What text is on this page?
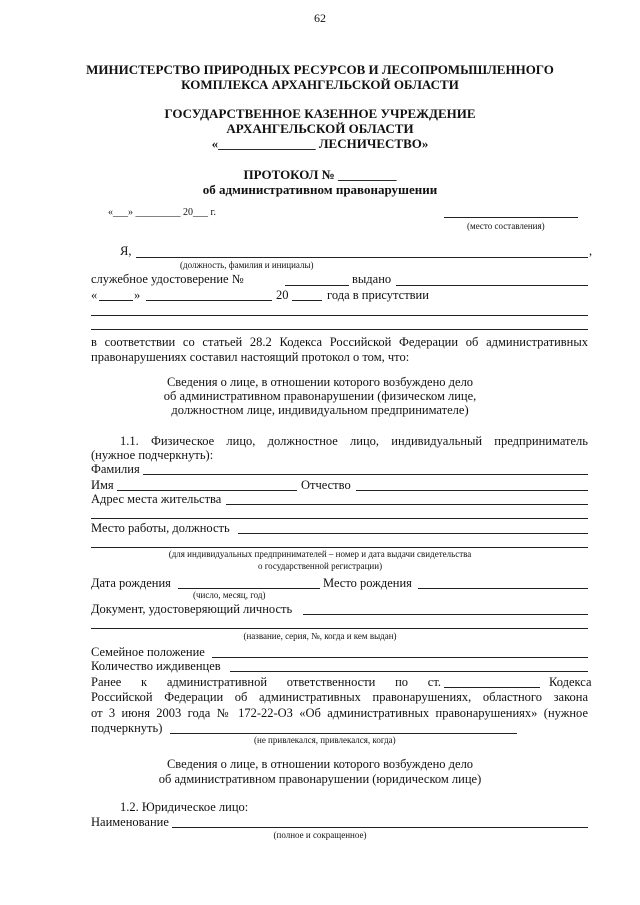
62
МИНИСТЕРСТВО ПРИРОДНЫХ РЕСУРСОВ И ЛЕСОПРОМЫШЛЕННОГО
КОМПЛЕКСА АРХАНГЕЛЬСКОЙ ОБЛАСТИ
ГОСУДАРСТВЕННОЕ КАЗЕННОЕ УЧРЕЖДЕНИЕ
АРХАНГЕЛЬСКОЙ ОБЛАСТИ
«_______________ ЛЕСНИЧЕСТВО»
ПРОТОКОЛ № _________
об административном правонарушении
«___» _________ 20___ г.
(место составления)
Я,	,
(должность, фамилия и инициалы)
служебное удостоверение №	выдано
«	»	20	года в присутствии
в соответствии со статьей 28.2 Кодекса Российской Федерации об административных
правонарушениях составил настоящий протокол о том, что:
Сведения о лице, в отношении которого возбуждено дело
об административном правонарушении (физическом лице,
должностном лице, индивидуальном предпринимателе)
1.1. Физическое лицо, должностное лицо, индивидуальный предприниматель
(нужное подчеркнуть):
Фамилия
Имя	Отчество
Адрес места жительства
Место работы, должность
(для индивидуальных предпринимателей – номер и дата выдачи свидетельства
о государственной регистрации)
Дата рождения	Место рождения
(число, месяц, год)
Документ, удостоверяющий личность
(название, серия, №, когда и кем выдан)
Семейное положение
Количество иждивенцев
Ранее к административной ответственности по ст.	Кодекса
Российской Федерации об административных правонарушениях, областного закона
от 3 июня 2003 года № 172-22-ОЗ «Об административных правонарушениях» (нужное
подчеркнуть)
(не привлекался, привлекался, когда)
Сведения о лице, в отношении которого возбуждено дело
об административном правонарушении (юридическом лице)
1.2. Юридическое лицо:
Наименование
(полное и сокращенное)
